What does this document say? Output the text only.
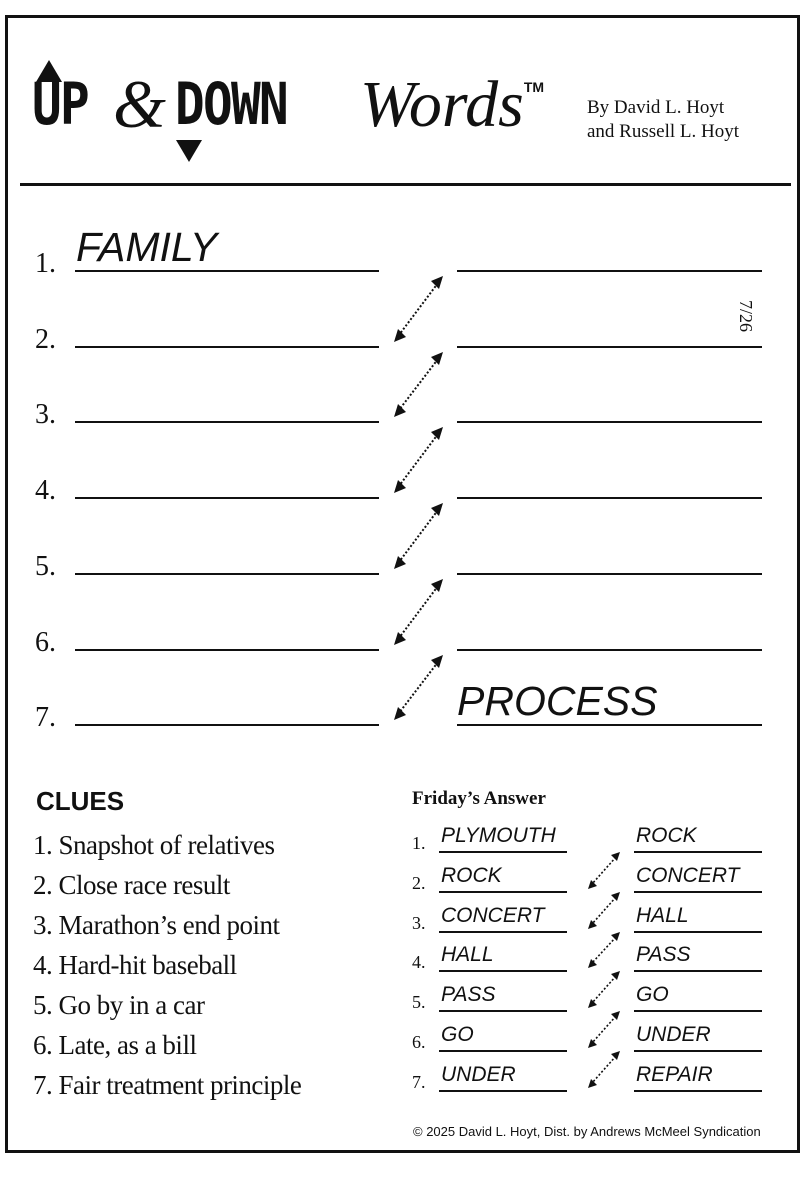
UP & DOWN Words™
By David L. Hoyt
and Russell L. Hoyt
7/26
1. FAMILY
2.
3.
4.
5.
6.
7.	PROCESS
CLUES
1. Snapshot of relatives
2. Close race result
3. Marathon’s end point
4. Hard-hit baseball
5. Go by in a car
6. Late, as a bill
7. Fair treatment principle
Friday’s Answer
1. PLYMOUTH	ROCK
2. ROCK	CONCERT
3. CONCERT	HALL
4. HALL	PASS
5. PASS	GO
6. GO	UNDER
7. UNDER	REPAIR
© 2025 David L. Hoyt, Dist. by Andrews McMeel Syndication
